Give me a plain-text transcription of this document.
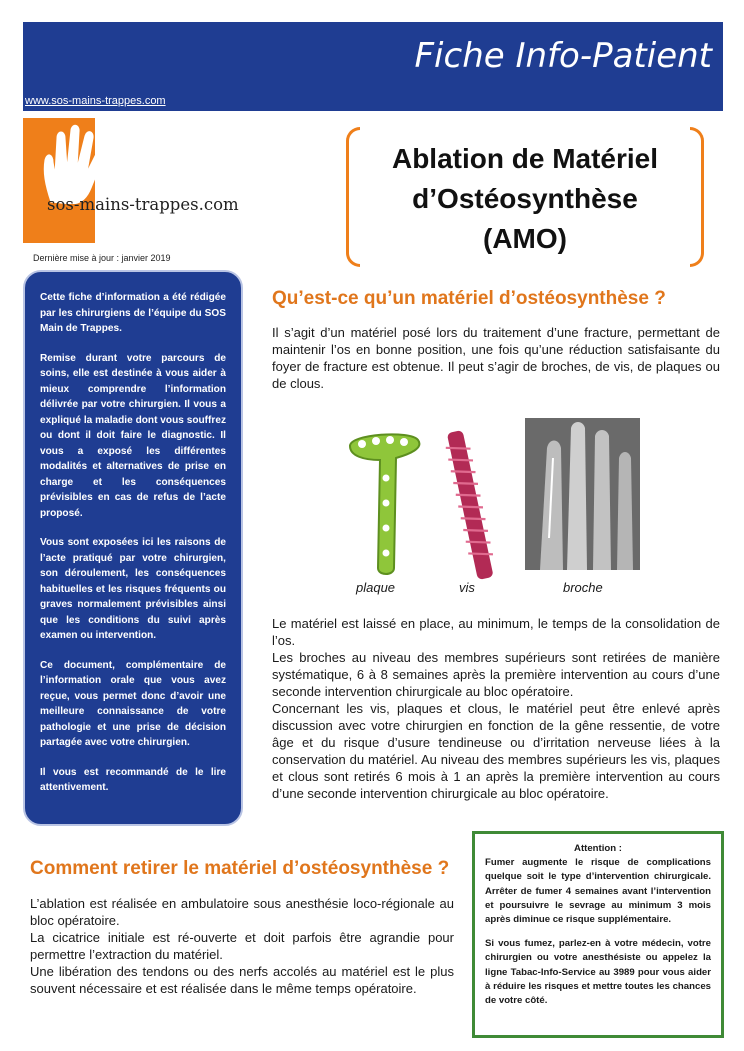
Fiche Info-Patient
www.sos-mains-trappes.com
sos-mains-trappes.com
Dernière mise à jour : janvier 2019
Ablation de Matériel
d’Ostéosynthèse
(AMO)

Cette fiche d’information a été rédigée par les chirurgiens de l’équipe du SOS Main de Trappes.

Remise durant votre parcours de soins, elle est destinée à vous aider à mieux comprendre l’information délivrée par votre chirurgien. Il vous a expliqué la maladie dont vous souffrez ou dont il doit faire le diagnostic. Il vous a exposé les différentes modalités et alternatives de prise en charge et les conséquences prévisibles en cas de refus de l’acte proposé.

Vous sont exposées ici les raisons de l’acte pratiqué par votre chirurgien, son déroulement, les conséquences habituelles et les risques fréquents ou graves normalement prévisibles ainsi que les conditions du suivi après examen ou intervention.

Ce document, complémentaire de l’information orale que vous avez reçue, vous permet donc d’avoir une meilleure connaissance de votre pathologie et une prise de décision partagée avec votre chirurgien.

Il vous est recommandé de le lire attentivement.

Qu’est-ce qu’un matériel d’ostéosynthèse ?

Il s’agit d’un matériel posé lors du traitement d’une fracture, permettant de maintenir l’os en bonne position, une fois qu’une réduction satisfaisante du foyer de fracture est obtenue. Il peut s’agir de broches, de vis, de plaques ou de clous.

plaque	vis	broche

Le matériel est laissé en place, au minimum, le temps de la consolidation de l’os.

Les broches au niveau des membres supérieurs sont retirées de manière systématique, 6 à 8 semaines après la première intervention au cours d’une seconde intervention chirurgicale au bloc opératoire.

Concernant les vis, plaques et clous, le matériel peut être enlevé après discussion avec votre chirurgien en fonction de la gêne ressentie, de votre âge et du risque d’usure tendineuse ou d’irritation nerveuse liées à la conservation du matériel. Au niveau des membres supérieurs les vis, plaques et clous sont retirés 6 mois à 1 an après la première intervention au cours d’une seconde intervention chirurgicale au bloc opératoire.

Comment retirer le matériel d’ostéosynthèse ?

L’ablation est réalisée en ambulatoire sous anesthésie loco-régionale au bloc opératoire.

La cicatrice initiale est ré-ouverte et doit parfois être agrandie pour permettre l’extraction du matériel.

Une libération des tendons ou des nerfs accolés au matériel est le plus souvent nécessaire et est réalisée dans le même temps opératoire.

Attention :

Fumer augmente le risque de complications quelque soit le type d’intervention chirurgicale. Arrêter de fumer 4 semaines avant l’intervention et poursuivre le sevrage au minimum 3 mois après diminue ce risque supplémentaire.

Si vous fumez, parlez-en à votre médecin, votre chirurgien ou votre anesthésiste ou appelez la ligne Tabac-Info-Service au 3989 pour vous aider à réduire les risques et mettre toutes les chances de votre côté.
